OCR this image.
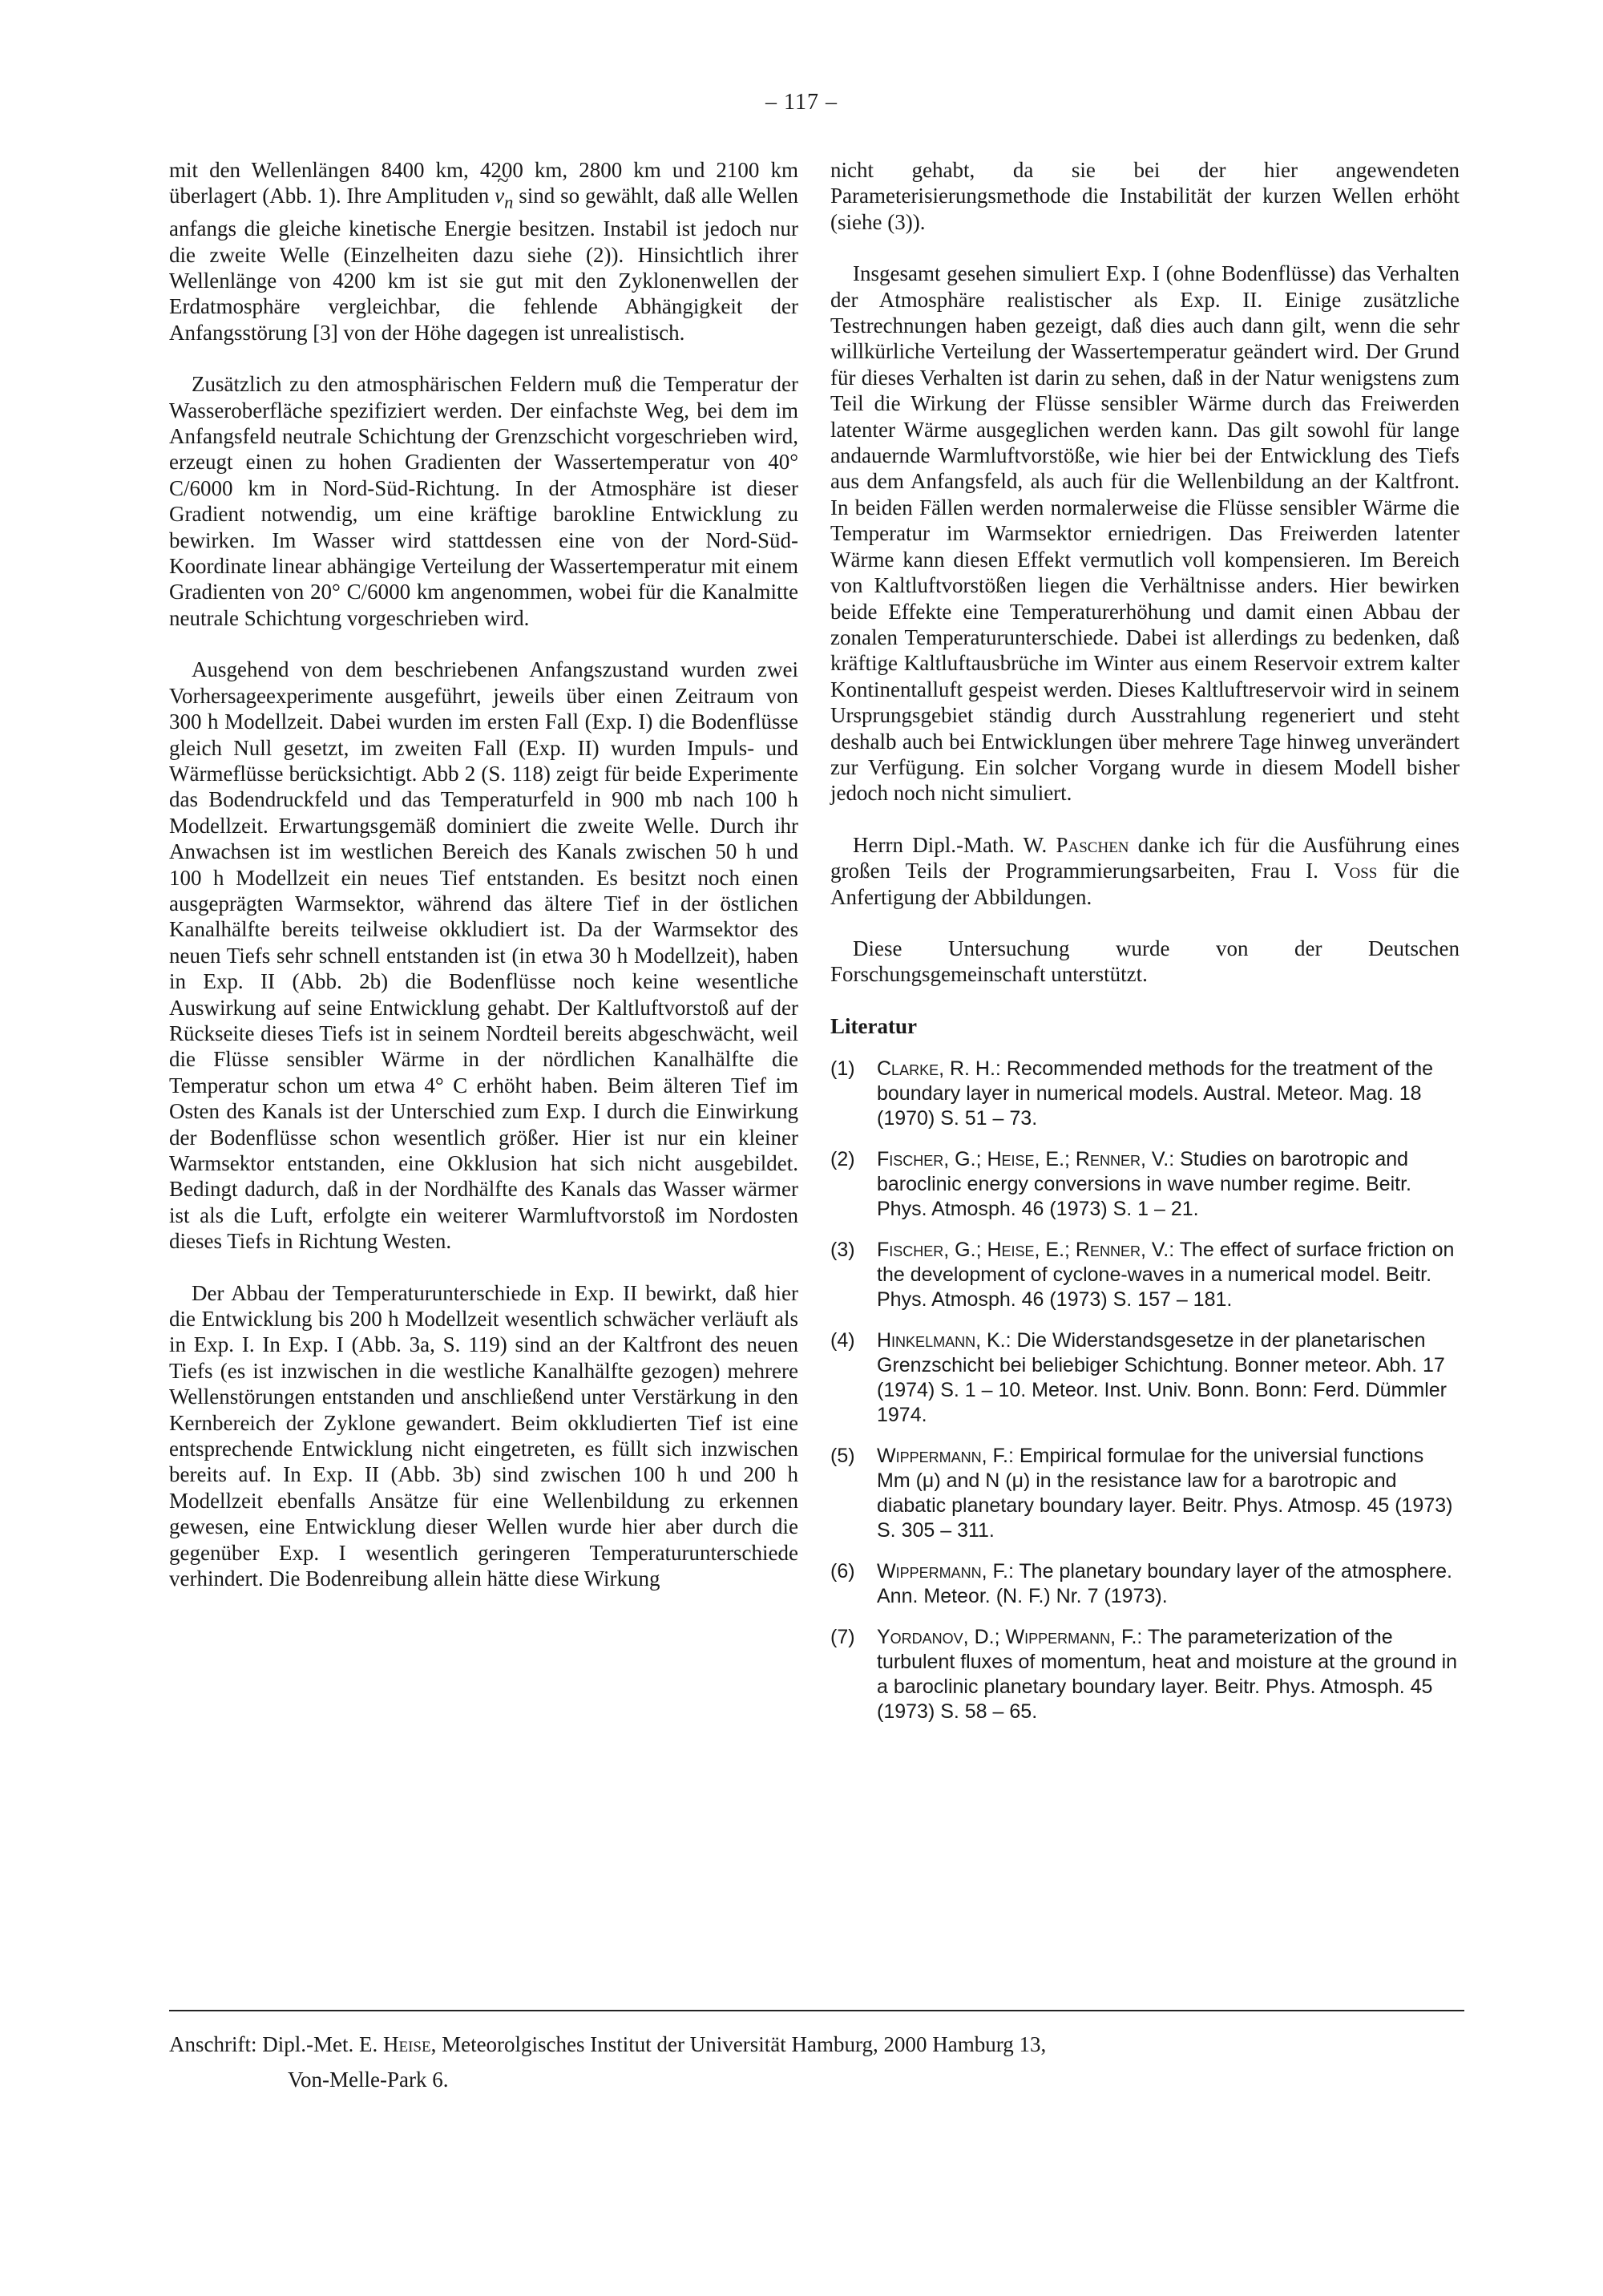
– 117 –

mit den Wellenlängen 8400 km, 4200 km, 2800 km und 2100 km überlagert (Abb. 1). Ihre Amplituden ~ $v_n$ sind so gewählt, daß alle Wellen anfangs die gleiche kinetische Energie besitzen. Instabil ist jedoch nur die zweite Welle (Einzelheiten dazu siehe (2)). Hinsichtlich ihrer Wellenlänge von 4200 km ist sie gut mit den Zyklonenwellen der Erdatmosphäre vergleichbar, die fehlende Abhängigkeit der Anfangsstörung [3] von der Höhe dagegen ist unrealistisch.

Zusätzlich zu den atmosphärischen Feldern muß die Temperatur der Wasseroberfläche spezifiziert werden. Der einfachste Weg, bei dem im Anfangsfeld neutrale Schichtung der Grenzschicht vorgeschrieben wird, erzeugt einen zu hohen Gradienten der Wassertemperatur von 40° C/6000 km in Nord-Süd-Richtung. In der Atmosphäre ist dieser Gradient notwendig, um eine kräftige barokline Entwicklung zu bewirken. Im Wasser wird stattdessen eine von der Nord-Süd-Koordinate linear abhängige Verteilung der Wassertemperatur mit einem Gradienten von 20° C/6000 km angenommen, wobei für die Kanalmitte neutrale Schichtung vorgeschrieben wird.

Ausgehend von dem beschriebenen Anfangszustand wurden zwei Vorhersageexperimente ausgeführt, jeweils über einen Zeitraum von 300 h Modellzeit. Dabei wurden im ersten Fall (Exp. I) die Bodenflüsse gleich Null gesetzt, im zweiten Fall (Exp. II) wurden Impuls- und Wärmeflüsse berücksichtigt. Abb 2 (S. 118) zeigt für beide Experimente das Bodendruckfeld und das Temperaturfeld in 900 mb nach 100 h Modellzeit. Erwartungsgemäß dominiert die zweite Welle. Durch ihr Anwachsen ist im westlichen Bereich des Kanals zwischen 50 h und 100 h Modellzeit ein neues Tief entstanden. Es besitzt noch einen ausgeprägten Warmsektor, während das ältere Tief in der östlichen Kanalhälfte bereits teilweise okkludiert ist. Da der Warmsektor des neuen Tiefs sehr schnell entstanden ist (in etwa 30 h Modellzeit), haben in Exp. II (Abb. 2b) die Bodenflüsse noch keine wesentliche Auswirkung auf seine Entwicklung gehabt. Der Kaltluftvorstoß auf der Rückseite dieses Tiefs ist in seinem Nordteil bereits abgeschwächt, weil die Flüsse sensibler Wärme in der nördlichen Kanalhälfte die Temperatur schon um etwa 4° C erhöht haben. Beim älteren Tief im Osten des Kanals ist der Unterschied zum Exp. I durch die Einwirkung der Bodenflüsse schon wesentlich größer. Hier ist nur ein kleiner Warmsektor entstanden, eine Okklusion hat sich nicht ausgebildet. Bedingt dadurch, daß in der Nordhälfte des Kanals das Wasser wärmer ist als die Luft, erfolgte ein weiterer Warmluftvorstoß im Nordosten dieses Tiefs in Richtung Westen.

Der Abbau der Temperaturunterschiede in Exp. II bewirkt, daß hier die Entwicklung bis 200 h Modellzeit wesentlich schwächer verläuft als in Exp. I. In Exp. I (Abb. 3a, S. 119) sind an der Kaltfront des neuen Tiefs (es ist inzwischen in die westliche Kanalhälfte gezogen) mehrere Wellenstörungen entstanden und anschließend unter Verstärkung in den Kernbereich der Zyklone gewandert. Beim okkludierten Tief ist eine entsprechende Entwicklung nicht eingetreten, es füllt sich inzwischen bereits auf. In Exp. II (Abb. 3b) sind zwischen 100 h und 200 h Modellzeit ebenfalls Ansätze für eine Wellenbildung zu erkennen gewesen, eine Entwicklung dieser Wellen wurde hier aber durch die gegenüber Exp. I wesentlich geringeren Temperaturunterschiede verhindert. Die Bodenreibung allein hätte diese Wirkung

nicht gehabt, da sie bei der hier angewendeten Parameterisierungsmethode die Instabilität der kurzen Wellen erhöht (siehe (3)).

Insgesamt gesehen simuliert Exp. I (ohne Bodenflüsse) das Verhalten der Atmosphäre realistischer als Exp. II. Einige zusätzliche Testrechnungen haben gezeigt, daß dies auch dann gilt, wenn die sehr willkürliche Verteilung der Wassertemperatur geändert wird. Der Grund für dieses Verhalten ist darin zu sehen, daß in der Natur wenigstens zum Teil die Wirkung der Flüsse sensibler Wärme durch das Freiwerden latenter Wärme ausgeglichen werden kann. Das gilt sowohl für lange andauernde Warmluftvorstöße, wie hier bei der Entwicklung des Tiefs aus dem Anfangsfeld, als auch für die Wellenbildung an der Kaltfront. In beiden Fällen werden normalerweise die Flüsse sensibler Wärme die Temperatur im Warmsektor erniedrigen. Das Freiwerden latenter Wärme kann diesen Effekt vermutlich voll kompensieren. Im Bereich von Kaltluftvorstößen liegen die Verhältnisse anders. Hier bewirken beide Effekte eine Temperaturerhöhung und damit einen Abbau der zonalen Temperaturunterschiede. Dabei ist allerdings zu bedenken, daß kräftige Kaltluftausbrüche im Winter aus einem Reservoir extrem kalter Kontinentalluft gespeist werden. Dieses Kaltluftreservoir wird in seinem Ursprungsgebiet ständig durch Ausstrahlung regeneriert und steht deshalb auch bei Entwicklungen über mehrere Tage hinweg unverändert zur Verfügung. Ein solcher Vorgang wurde in diesem Modell bisher jedoch noch nicht simuliert.

Herrn Dipl.-Math. W. Paschen danke ich für die Ausführung eines großen Teils der Programmierungsarbeiten, Frau I. Voss für die Anfertigung der Abbildungen.

Diese Untersuchung wurde von der Deutschen Forschungsgemeinschaft unterstützt.

Literatur
(1)	Clarke, R. H.: Recommended methods for the treatment of the boundary layer in numerical models. Austral. Meteor. Mag. 18 (1970) S. 51 – 73.
(2)	Fischer, G.; Heise, E.; Renner, V.: Studies on barotropic and baroclinic energy conversions in wave number regime. Beitr. Phys. Atmosph. 46 (1973) S. 1 – 21.
(3)	Fischer, G.; Heise, E.; Renner, V.: The effect of surface friction on the development of cyclone-waves in a numerical model. Beitr. Phys. Atmosph. 46 (1973) S. 157 – 181.
(4)	Hinkelmann, K.: Die Widerstandsgesetze in der planetarischen Grenzschicht bei beliebiger Schichtung. Bonner meteor. Abh. 17 (1974) S. 1 – 10. Meteor. Inst. Univ. Bonn. Bonn: Ferd. Dümmler 1974.
(5)	Wippermann, F.: Empirical formulae for the universial functions Mm (μ) and N (μ) in the resistance law for a barotropic and diabatic planetary boundary layer. Beitr. Phys. Atmosp. 45 (1973) S. 305 – 311.
(6)	Wippermann, F.: The planetary boundary layer of the atmosphere. Ann. Meteor. (N. F.) Nr. 7 (1973).
(7)	Yordanov, D.; Wippermann, F.: The parameterization of the turbulent fluxes of momentum, heat and moisture at the ground in a baroclinic planetary boundary layer. Beitr. Phys. Atmosph. 45 (1973) S. 58 – 65.
Anschrift: Dipl.-Met. E. Heise, Meteorolgisches Institut der Universität Hamburg, 2000 Hamburg 13,
Von-Melle-Park 6.
